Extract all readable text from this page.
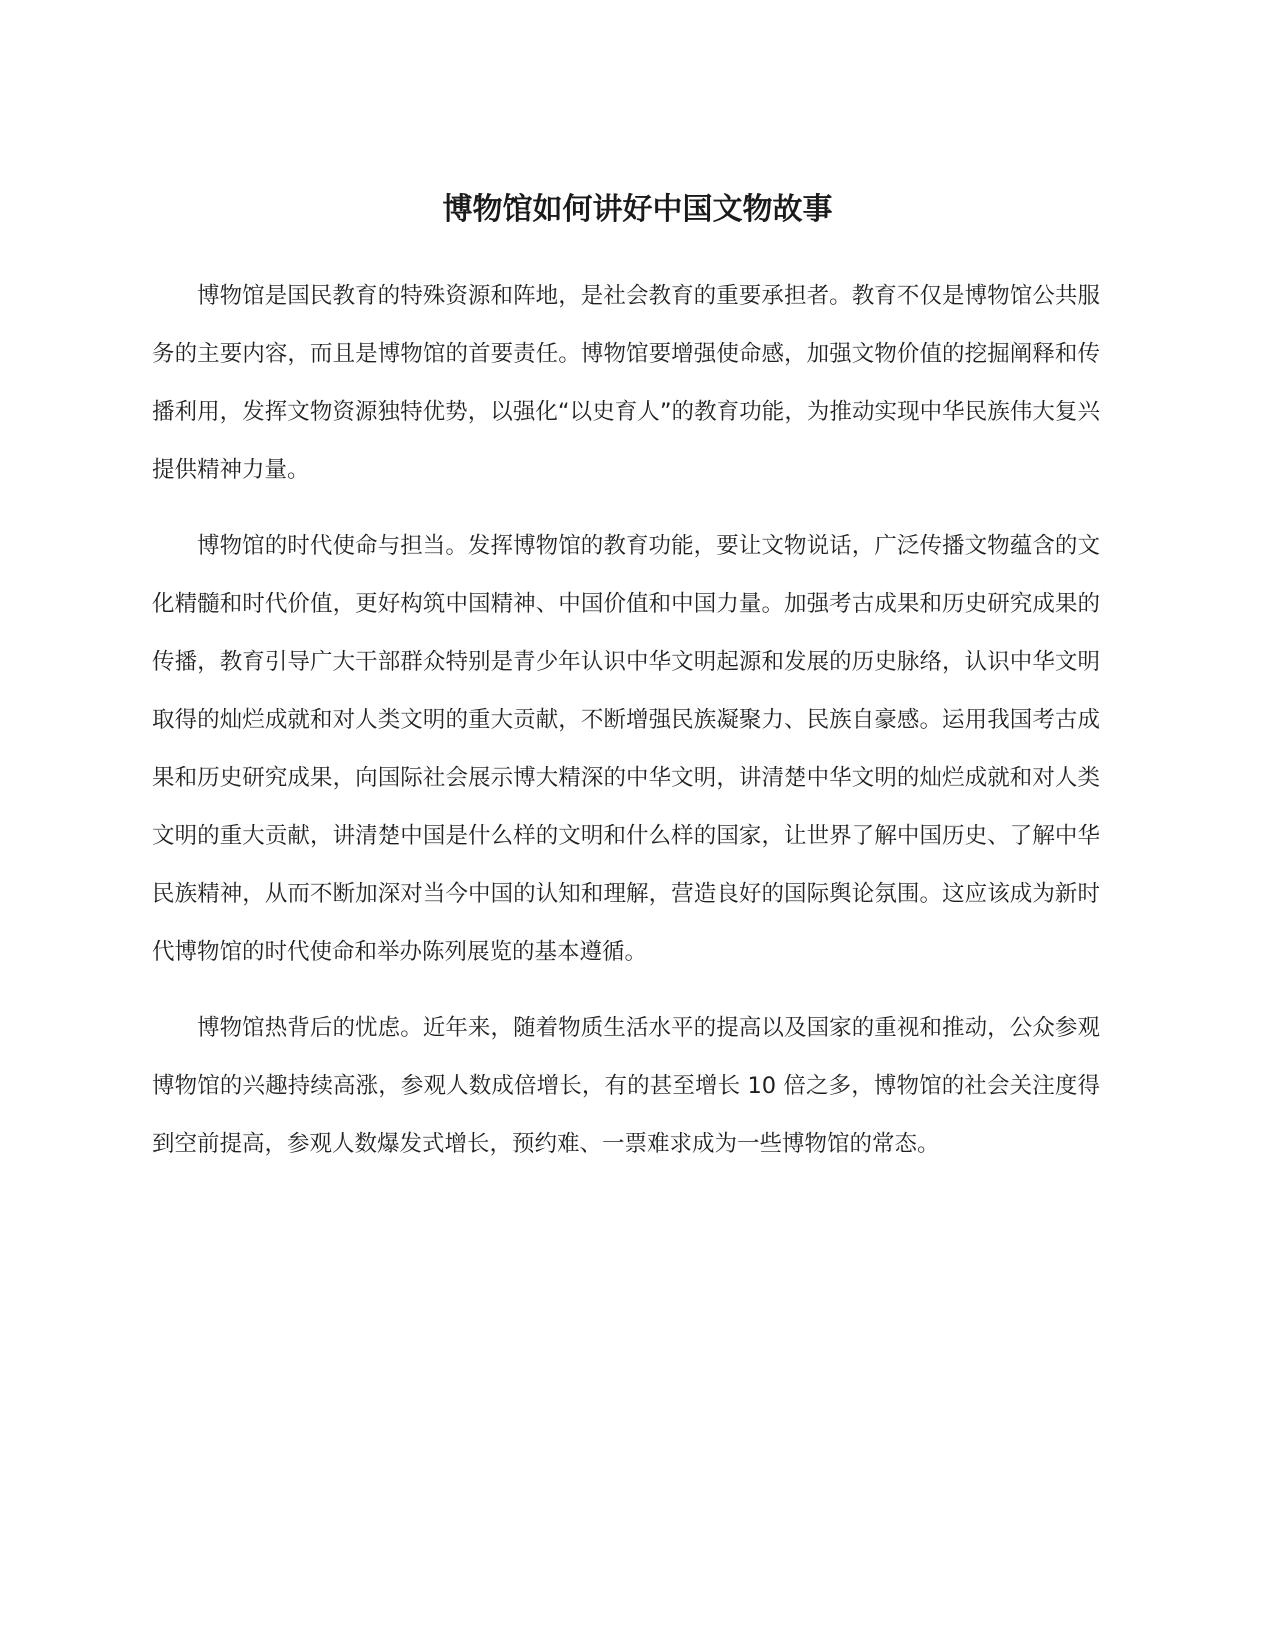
博物馆如何讲好中国文物故事

博物馆是国民教育的特殊资源和阵地，是社会教育的重要承担者。教育不仅是博物馆公共服务的主要内容，而且是博物馆的首要责任。博物馆要增强使命感，加强文物价值的挖掘阐释和传播利用，发挥文物资源独特优势，以强化“以史育人”的教育功能，为推动实现中华民族伟大复兴提供精神力量。

博物馆的时代使命与担当。发挥博物馆的教育功能，要让文物说话，广泛传播文物蕴含的文化精髓和时代价值，更好构筑中国精神、中国价值和中国力量。加强考古成果和历史研究成果的传播，教育引导广大干部群众特别是青少年认识中华文明起源和发展的历史脉络，认识中华文明取得的灿烂成就和对人类文明的重大贡献，不断增强民族凝聚力、民族自豪感。运用我国考古成果和历史研究成果，向国际社会展示博大精深的中华文明，讲清楚中华文明的灿烂成就和对人类文明的重大贡献，讲清楚中国是什么样的文明和什么样的国家，让世界了解中国历史、了解中华民族精神，从而不断加深对当今中国的认知和理解，营造良好的国际舆论氛围。这应该成为新时代博物馆的时代使命和举办陈列展览的基本遵循。

博物馆热背后的忧虑。近年来，随着物质生活水平的提高以及国家的重视和推动，公众参观博物馆的兴趣持续高涨，参观人数成倍增长，有的甚至增长 10 倍之多，博物馆的社会关注度得到空前提高，参观人数爆发式增长，预约难、一票难求成为一些博物馆的常态。
